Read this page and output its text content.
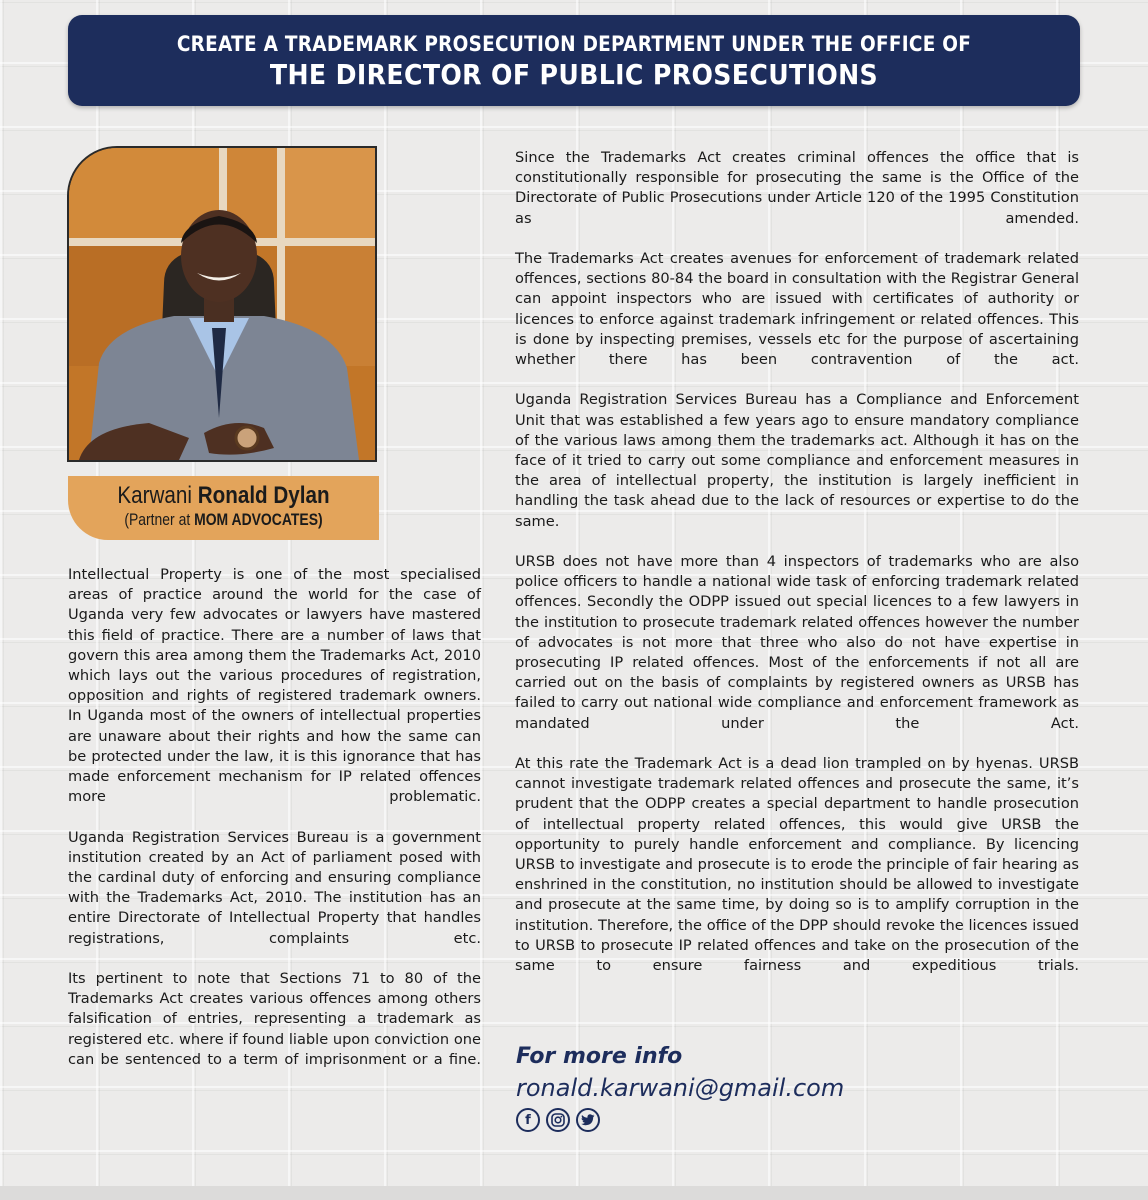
CREATE A TRADEMARK PROSECUTION DEPARTMENT UNDER THE OFFICE OF
THE DIRECTOR OF PUBLIC PROSECUTIONS
Karwani Ronald Dylan
(Partner at MOM ADVOCATES)

Intellectual Property is one of the most specialised areas of practice around the world for the case of Uganda very few advocates or lawyers have mastered this field of practice. There are a number of laws that govern this area among them the Trademarks Act, 2010 which lays out the various procedures of registration, opposition and rights of registered trademark owners. In Uganda most of the owners of intellectual properties are unaware about their rights and how the same can be protected under the law, it is this ignorance that has made enforcement mechanism for IP related offences more problematic.

Uganda Registration Services Bureau is a government institution created by an Act of parliament posed with the cardinal duty of enforcing and ensuring compliance with the Trademarks Act, 2010. The institution has an entire Directorate of Intellectual Property that handles registrations, complaints etc.

Its pertinent to note that Sections 71 to 80 of the Trademarks Act creates various offences among others falsification of entries, representing a trademark as registered etc. where if found liable upon conviction one can be sentenced to a term of imprisonment or a fine.

Since the Trademarks Act creates criminal offences the office that is constitutionally responsible for prosecuting the same is the Office of the Directorate of Public Prosecutions under Article 120 of the 1995 Constitution as amended.

The Trademarks Act creates avenues for enforcement of trademark related offences, sections 80-84 the board in consultation with the Registrar General can appoint inspectors who are issued with certificates of authority or licences to enforce against trademark infringement or related offences. This is done by inspecting premises, vessels etc for the purpose of ascertaining whether there has been contravention of the act.

Uganda Registration Services Bureau has a Compliance and Enforcement Unit that was established a few years ago to ensure mandatory compliance of the various laws among them the trademarks act. Although it has on the face of it tried to carry out some compliance and enforcement measures in the area of intellectual property, the institution is largely inefficient in handling the task ahead due to the lack of resources or expertise to do the same.

URSB does not have more than 4 inspectors of trademarks who are also police officers to handle a national wide task of enforcing trademark related offences. Secondly the ODPP issued out special licences to a few lawyers in the institution to prosecute trademark related offences however the number of advocates is not more that three who also do not have expertise in prosecuting IP related offences. Most of the enforcements if not all are carried out on the basis of complaints by registered owners as URSB has failed to carry out national wide compliance and enforcement framework as mandated under the Act.

At this rate the Trademark Act is a dead lion trampled on by hyenas. URSB cannot investigate trademark related offences and prosecute the same, it’s prudent that the ODPP creates a special department to handle prosecution of intellectual property related offences, this would give URSB the opportunity to purely handle enforcement and compliance. By licencing URSB to investigate and prosecute is to erode the principle of fair hearing as enshrined in the constitution, no institution should be allowed to investigate and prosecute at the same time, by doing so is to amplify corruption in the institution. Therefore, the office of the DPP should revoke the licences issued to URSB to prosecute IP related offences and take on the prosecution of the same to ensure fairness and expeditious trials.

For more info
ronald.karwani@gmail.com
f
